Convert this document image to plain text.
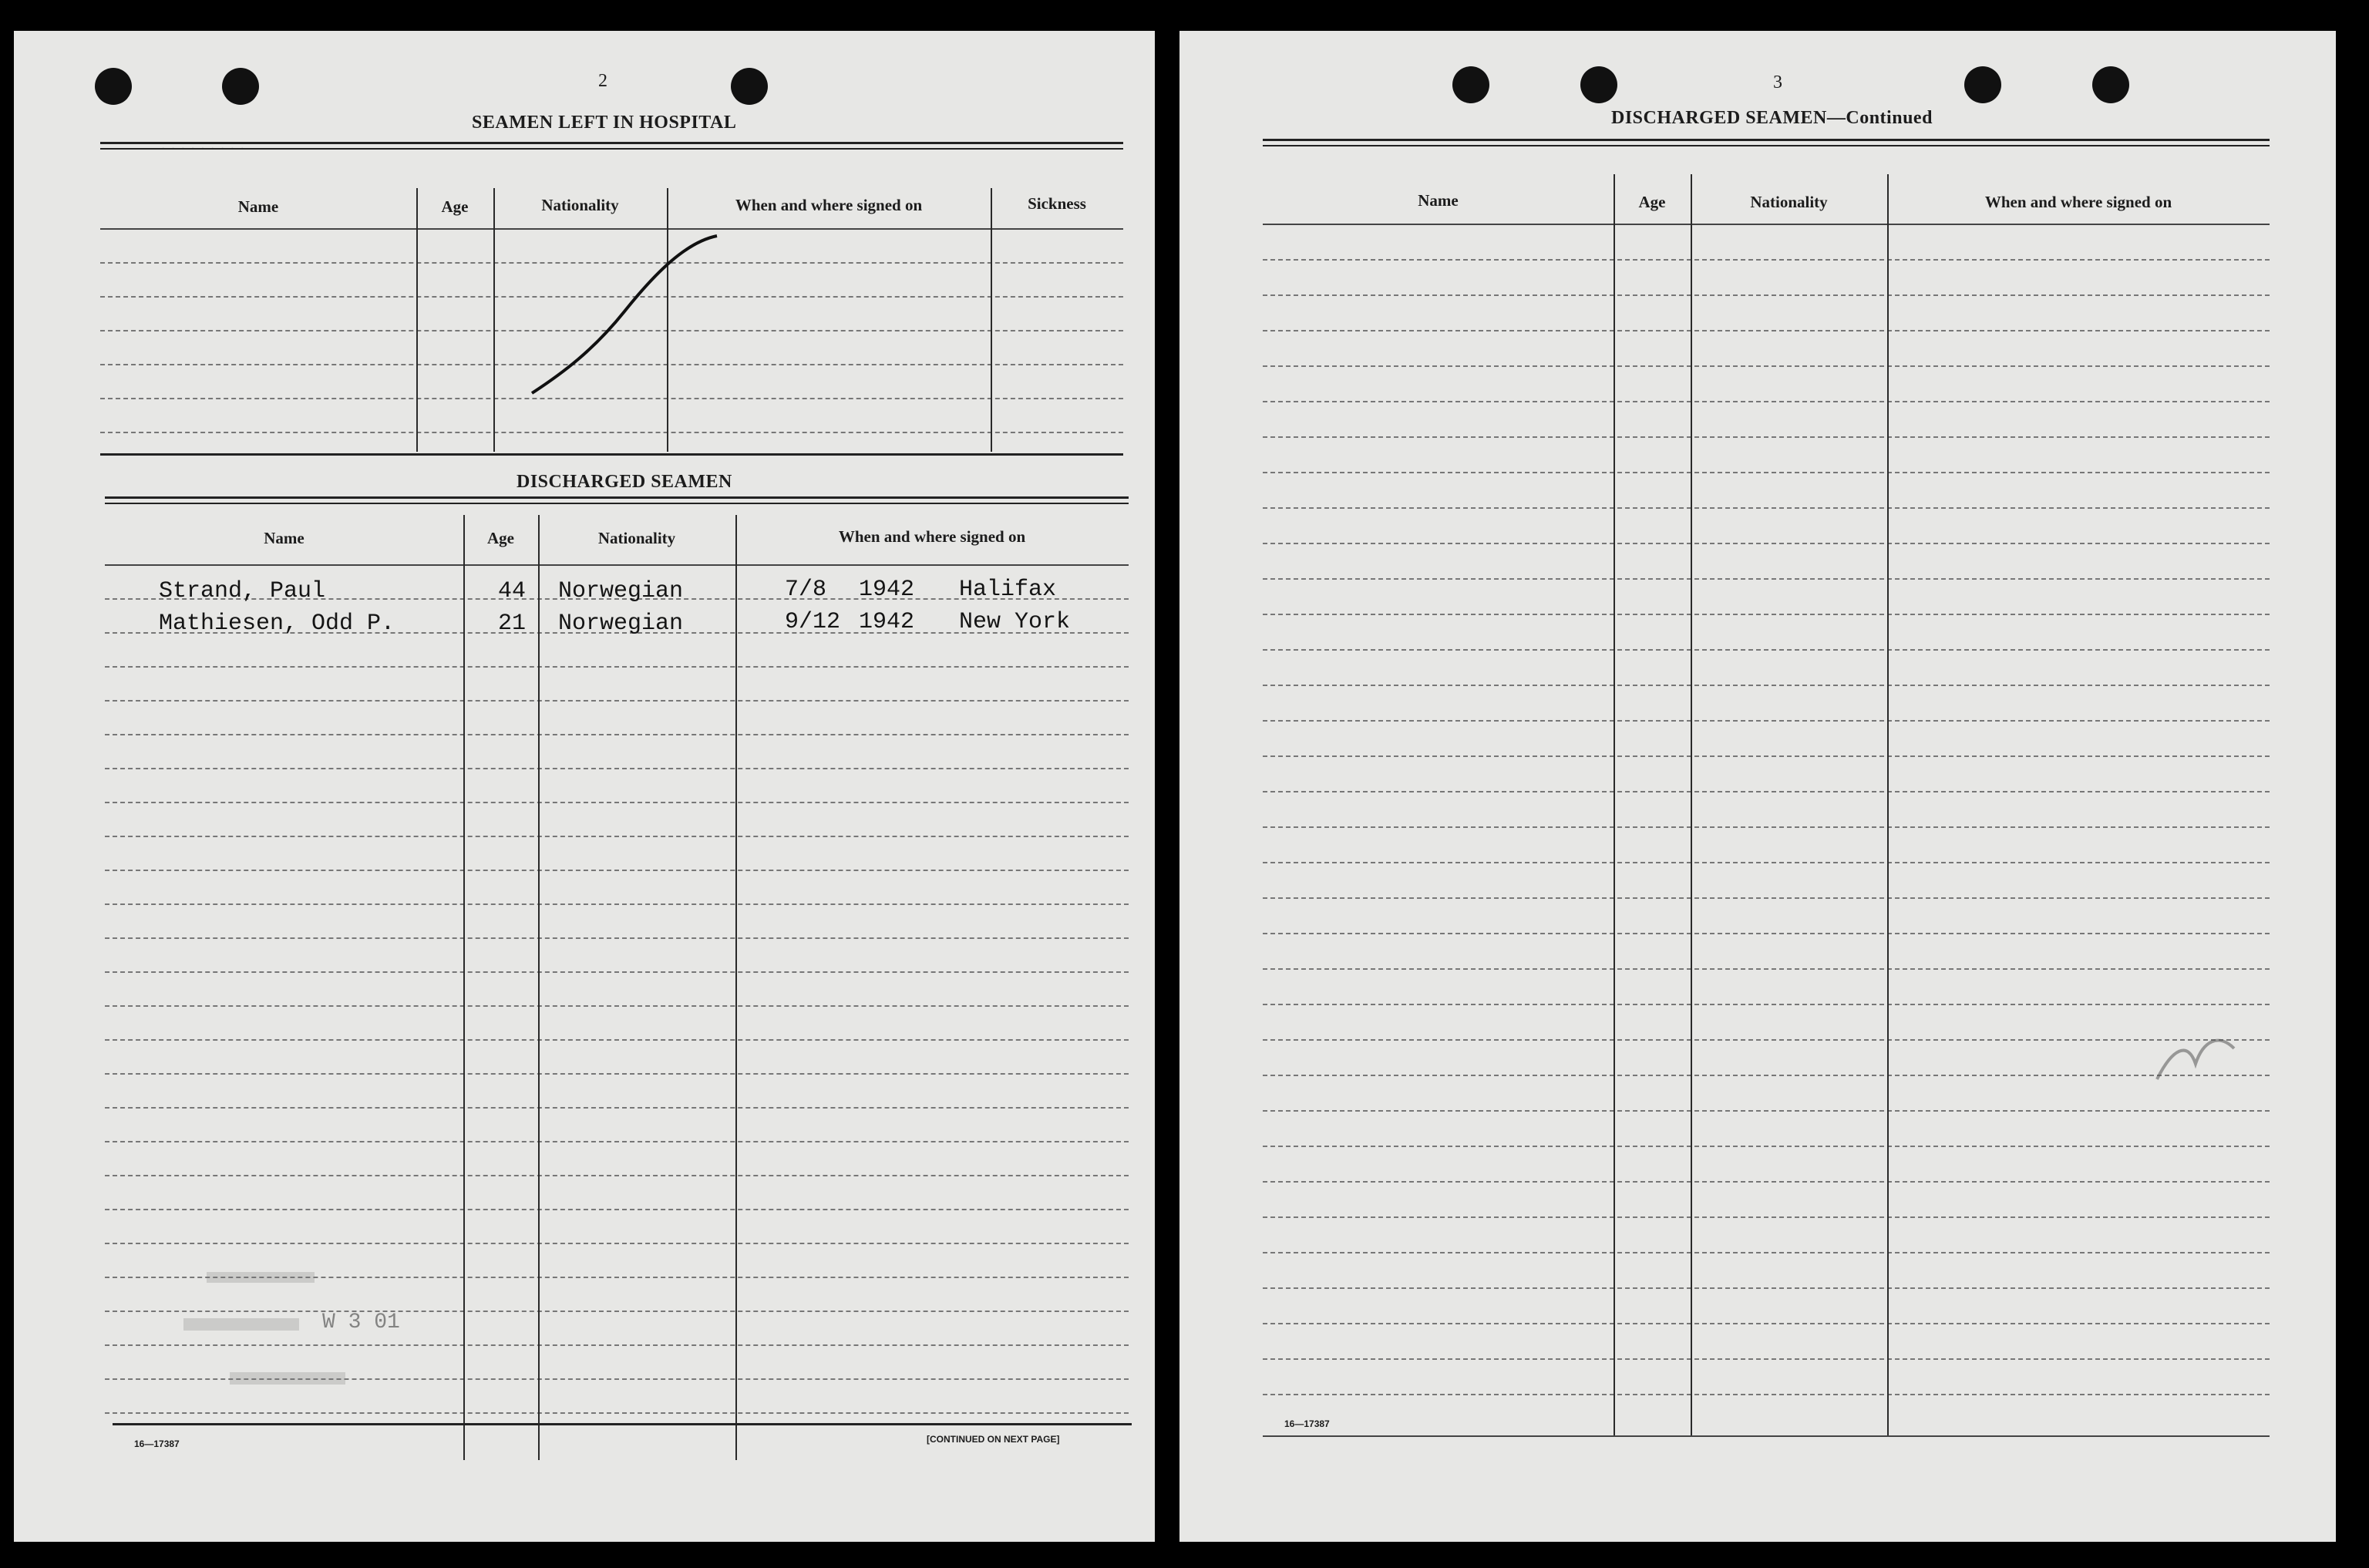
2
· · · · · · · · ·
SEAMEN LEFT IN HOSPITAL
Name	Age	Nationality	When and where signed on	Sickness
DISCHARGED SEAMEN
Name	Age	Nationality	When and where signed on
Strand, Paul	44 Norwegian	7/8 1942 Halifax
Mathiesen, Odd P.	21 Norwegian	9/12 1942 New York
W 3 01
16—17387	[CONTINUED ON NEXT PAGE]
3
DISCHARGED SEAMEN—Continued
Name	Age	Nationality	When and where signed on
16—17387
